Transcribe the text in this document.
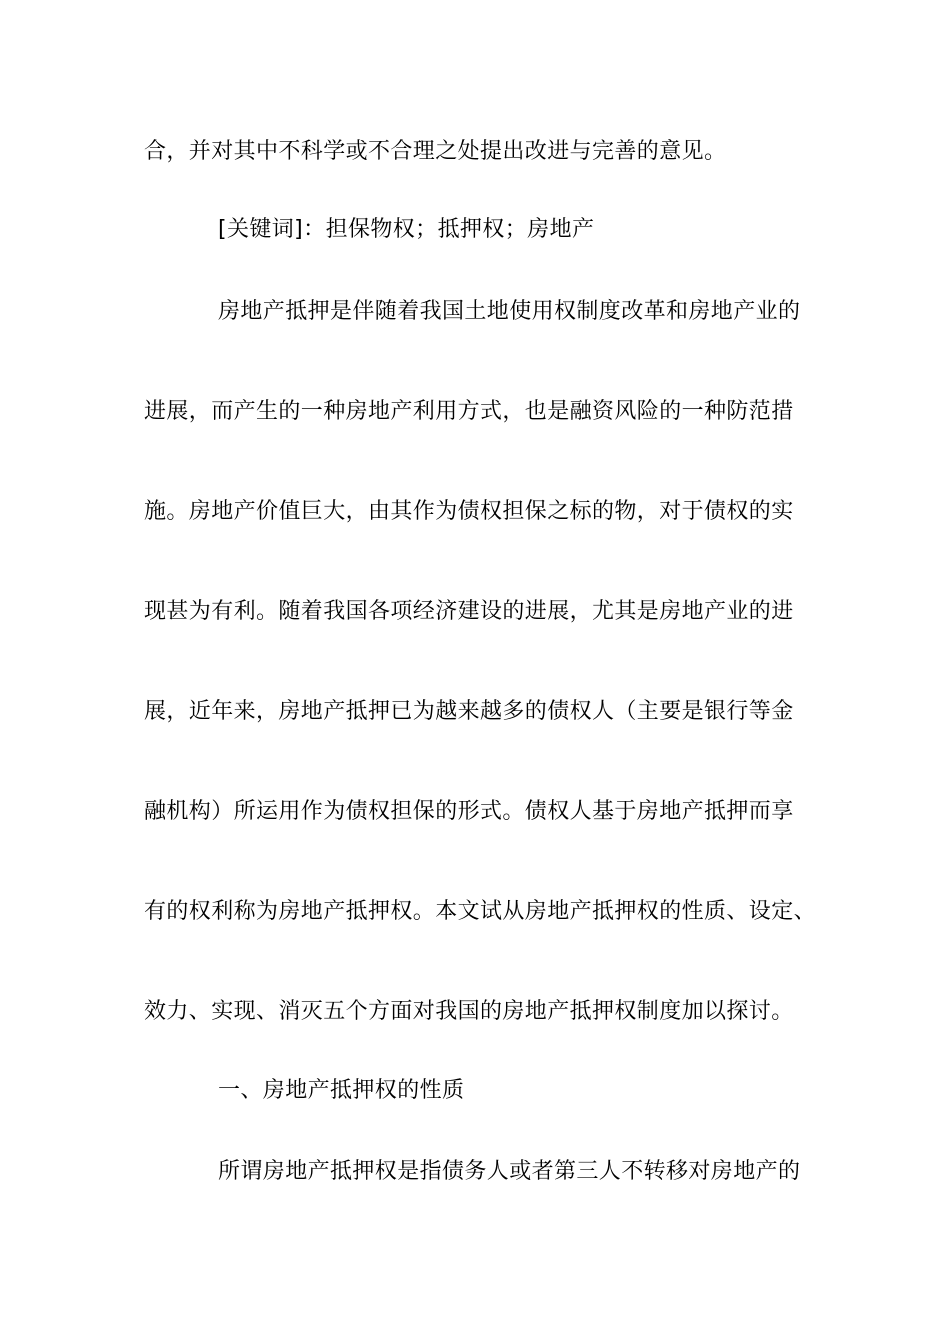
合，并对其中不科学或不合理之处提出改进与完善的意见。
[关键词]：担保物权；抵押权；房地产
房地产抵押是伴随着我国土地使用权制度改革和房地产业的
进展，而产生的一种房地产利用方式，也是融资风险的一种防范措
施。房地产价值巨大，由其作为债权担保之标的物，对于债权的实
现甚为有利。随着我国各项经济建设的进展，尤其是房地产业的进
展，近年来，房地产抵押已为越来越多的债权人（主要是银行等金
融机构）所运用作为债权担保的形式。债权人基于房地产抵押而享
有的权利称为房地产抵押权。本文试从房地产抵押权的性质、设定、
效力、实现、消灭五个方面对我国的房地产抵押权制度加以探讨。
一、房地产抵押权的性质
所谓房地产抵押权是指债务人或者第三人不转移对房地产的
